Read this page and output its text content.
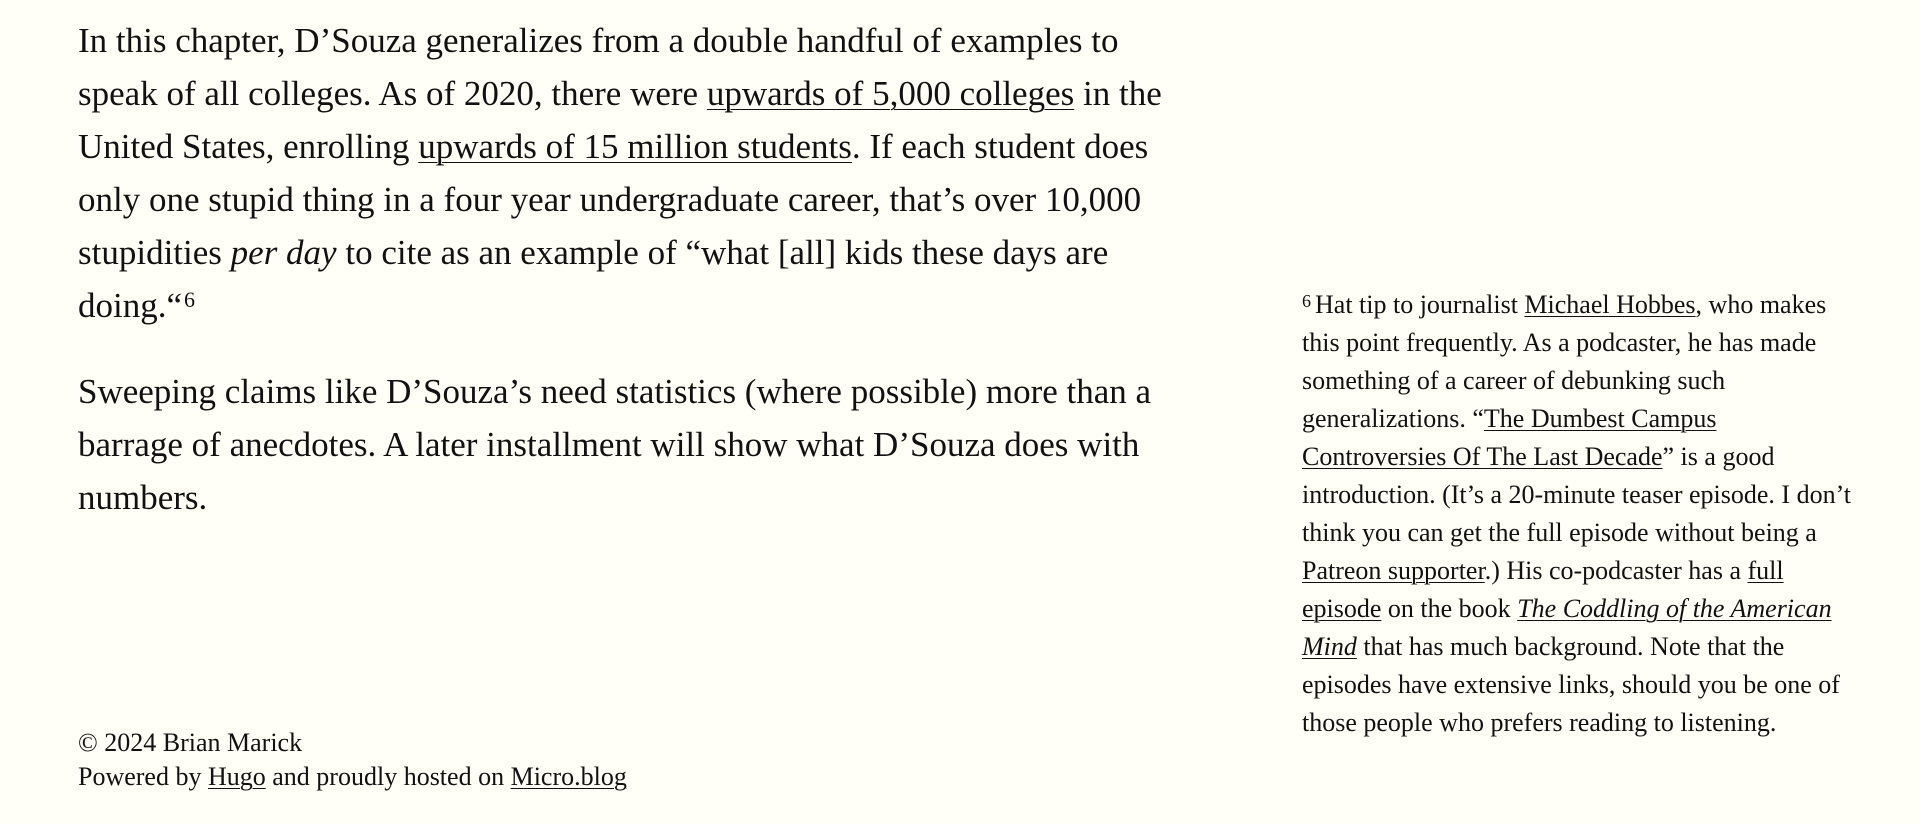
In this chapter, D’Souza generalizes from a double handful of examples to speak of all colleges. As of 2020, there were upwards of 5,000 colleges in the United States, enrolling upwards of 15 million students. If each student does only one stupid thing in a four year undergraduate career, that’s over 10,000 stupidities per day to cite as an example of “what [all] kids these days are doing.“$^6$

Sweeping claims like D’Souza’s need statistics (where possible) more than a barrage of anecdotes. A later installment will show what D’Souza does with numbers.

$^6$ Hat tip to journalist Michael Hobbes, who makes this point frequently. As a podcaster, he has made something of a career of debunking such generalizations. “The Dumbest Campus Controversies Of The Last Decade” is a good introduction. (It’s a 20-minute teaser episode. I don’t think you can get the full episode without being a Patreon supporter.) His co-podcaster has a full episode on the book The Coddling of the American Mind that has much background. Note that the episodes have extensive links, should you be one of those people who prefers reading to listening.
© 2024 Brian Marick
Powered by Hugo and proudly hosted on Micro.blog
